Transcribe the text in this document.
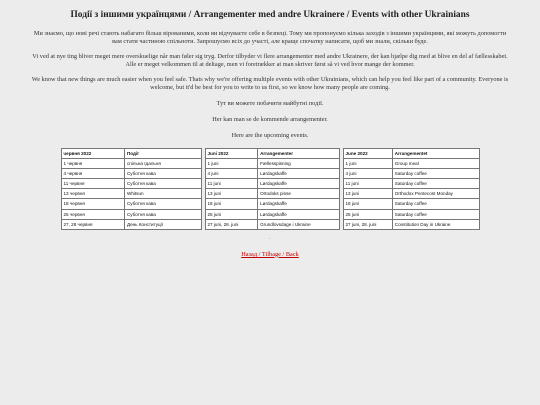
Події з іншими українцями / Arrangementer med andre Ukrainere / Events with other Ukrainians

Ми знаємо, що нові речі стають набагато більш вірованими, коли ви відчуваєте себе в безпеці. Тому ми пропонуємо кілька заходів з іншими українцями, які можуть допомогти вам стати частиною спільноти. Запрошуємо всіх до участі, але краще спочатку написати, щоб ми знали, скільки буде.

Vi ved at nye ting bliver meget mere overskuelige når man føler sig tryg. Derfor tilbyder vi flere arrangementer med andre Ukrainere, der kan hjælpe dig med at blive en del af fællesskabet. Alle er meget velkommen til at deltage, men vi foretrækker at man skriver først så vi ved hvor mange der kommer.

We know that new things are much easier when you feel safe. Thats why we're offering multiple events with other Ukrainians, which can help you feel like part of a community. Everyone is welcome, but it'd be best for you to write to us first, so we know how many people are coming.

Тут ви можете побачити майбутні події.

Her kan man se de kommende arrangementer.

Here are the upcoming events.

червня 2022	Події
1 червня	спільна їдальня
4 червня	Суботня кава
11 червня	Суботня кава
13 червня	Whitsun
18 червня	Суботня кава
25 червня	Суботня кава
27, 28 червня	День Конституції
Juni 2022	Arrangementer
1 juni	Fællesspisning
4 juni	Lørdagskaffe
11 juni	Lørdagskaffe
13 juni	Ortodoks pinse
18 juni	Lørdagskaffe
25 juni	Lørdagskaffe
27 juni, 28. juni	Grundlovsdage i Ukraine
June 2022	Arrangementet
1 juni	Group meal
4 juni	Saturday coffee
11 juni	Saturday coffee
13 juni	Orthodox Pentecost Monday
18 juni	Saturday coffee
25 juni	Saturday coffee
27 juni, 28. juni	Constitution Day in Ukraine
·
Назад / Tilbage / Back
